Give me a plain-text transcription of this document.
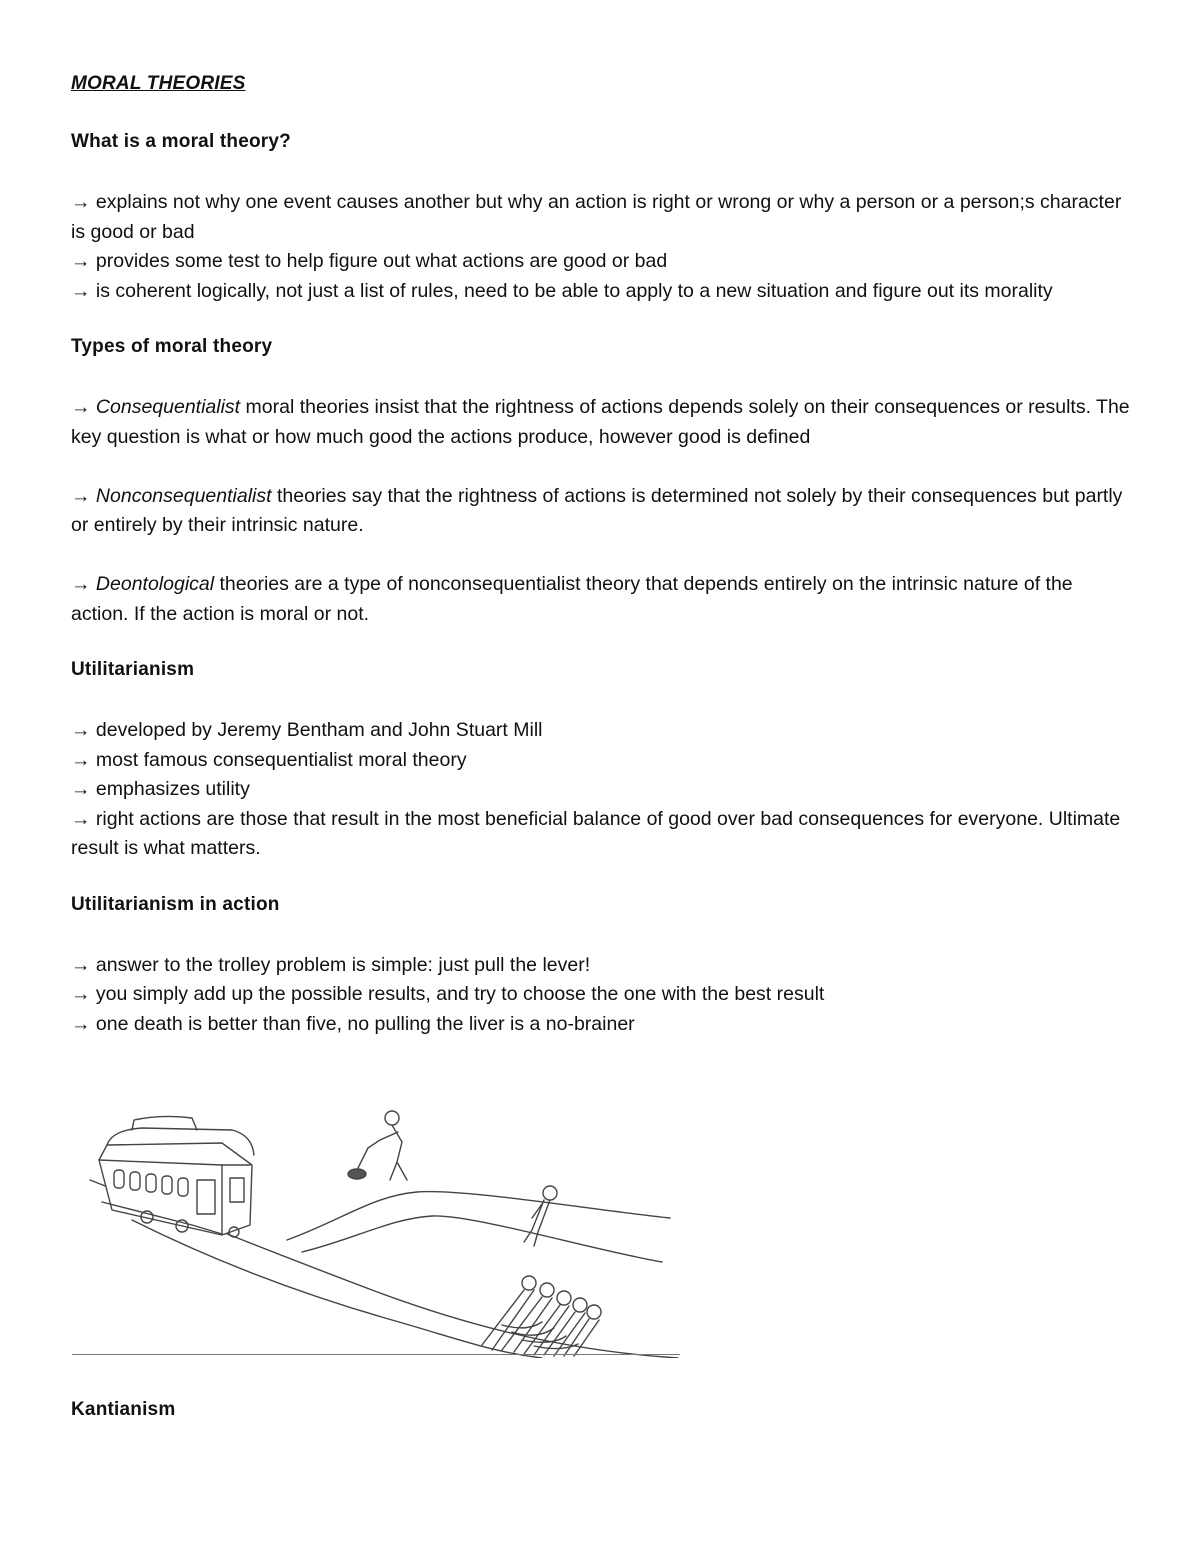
MORAL THEORIES
What is a moral theory?

→ explains not why one event causes another but why an action is right or wrong or why a person or a person;s character is good or bad

→ provides some test to help figure out what actions are good or bad

→ is coherent logically, not just a list of rules, need to be able to apply to a new situation and figure out its morality

Types of moral theory

→ Consequentialist moral theories insist that the rightness of actions depends solely on their consequences or results. The key question is what or how much good the actions produce, however good is defined

→ Nonconsequentialist theories say that the rightness of actions is determined not solely by their consequences but partly or entirely by their intrinsic nature.

→ Deontological theories are a type of nonconsequentialist theory that depends entirely on the intrinsic nature of the action. If the action is moral or not.

Utilitarianism

→ developed by Jeremy Bentham and John Stuart Mill

→ most famous consequentialist moral theory

→ emphasizes utility

→ right actions are those that result in the most beneficial balance of good over bad consequences for everyone. Ultimate result is what matters.

Utilitarianism in action

→ answer to the trolley problem is simple: just pull the lever!

→ you simply add up the possible results, and try to choose the one with the best result

→ one death is better than five, no pulling the liver is a no-brainer

Kantianism
